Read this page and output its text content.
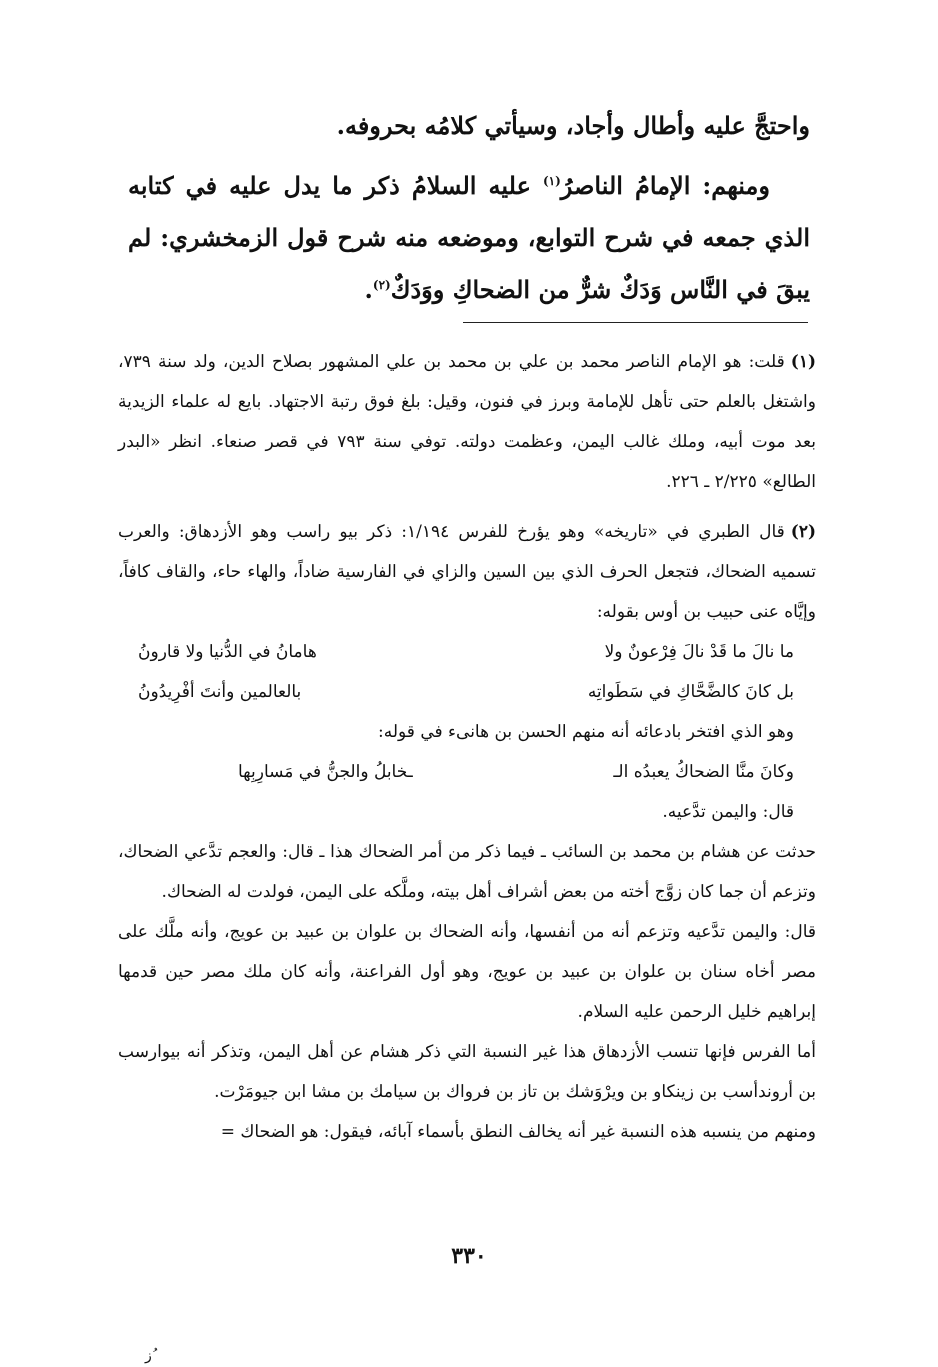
واحتجَّ عليه وأطال وأجاد، وسيأتي كلامُه بحروفه.

ومنهم: الإمامُ الناصرُ$^{(١)}$ عليه السلامُ ذكر ما يدل عليه في كتابه الذي جمعه في شرح التوابع، وموضعه منه شرح قول الزمخشري: لم يبقَ في النَّاس وَدَكٌ شرٌّ من الضحاكِ ووَدَكٌ$^{(٢)}$.

(١)قلت: هو الإمام الناصر محمد بن علي بن محمد بن علي المشهور بصلاح الدين، ولد سنة ٧٣٩، واشتغل بالعلم حتى تأهل للإمامة وبرز في فنون، وقيل: بلغ فوق رتبة الاجتهاد. بايع له علماء الزيدية بعد موت أبيه، وملك غالب اليمن، وعظمت دولته. توفي سنة ٧٩٣ في قصر صنعاء. انظر «البدر الطالع» ٢/٢٢٥ ـ ٢٢٦.

(٢)قال الطبري في «تاريخه» وهو يؤرخ للفرس ١/١٩٤: ذكر بيو راسب وهو الأزدهاق: والعرب تسميه الضحاك، فتجعل الحرف الذي بين السين والزاي في الفارسية ضاداً، والهاء حاء، والقاف كافاً، وإيَّاه عنى حبيب بن أوس بقوله:

ما نالَ ما قَدْ نالَ فِرْعونٌ ولا
هامانُ في الدُّنيا ولا قارونُ
بل كانَ كالضَّحَّاكِ في سَطَواتِه
بالعالمين وأنتَ أفْرِيدُونُ

وهو الذي افتخر بادعائه أنه منهم الحسن بن هانىء في قوله:

وكانَ منَّا الضحاكُ يعبدُه الـ
ـخابلُ والجنُّ في مَسارِبِها

قال: واليمن تدَّعيه.

حدثت عن هشام بن محمد بن السائب ـ فيما ذكر من أمر الضحاك هذا ـ قال: والعجم تدَّعي الضحاك، وتزعم أن جما كان زوَّج أخته من بعض أشراف أهل بيته، وملَّكه على اليمن، فولدت له الضحاك.

قال: واليمن تدَّعيه وتزعم أنه من أنفسها، وأنه الضحاك بن علوان بن عبيد بن عويج، وأنه ملَّك على مصر أخاه سنان بن علوان بن عبيد بن عويج، وهو أول الفراعنة، وأنه كان ملك مصر حين قدمها إبراهيم خليل الرحمن عليه السلام.

أما الفرس فإنها تنسب الأزدهاق هذا غير النسبة التي ذكر هشام عن أهل اليمن، وتذكر أنه بيوارسب بن أروندأسب بن زينكاو بن ويرْوَشك بن تاز بن فرواك بن سيامك بن مشا ابن جيومَرْت.

ومنهم من ينسبه هذه النسبة غير أنه يخالف النطق بأسماء آبائه، فيقول: هو الضحاك =

٣٣٠
ُز
